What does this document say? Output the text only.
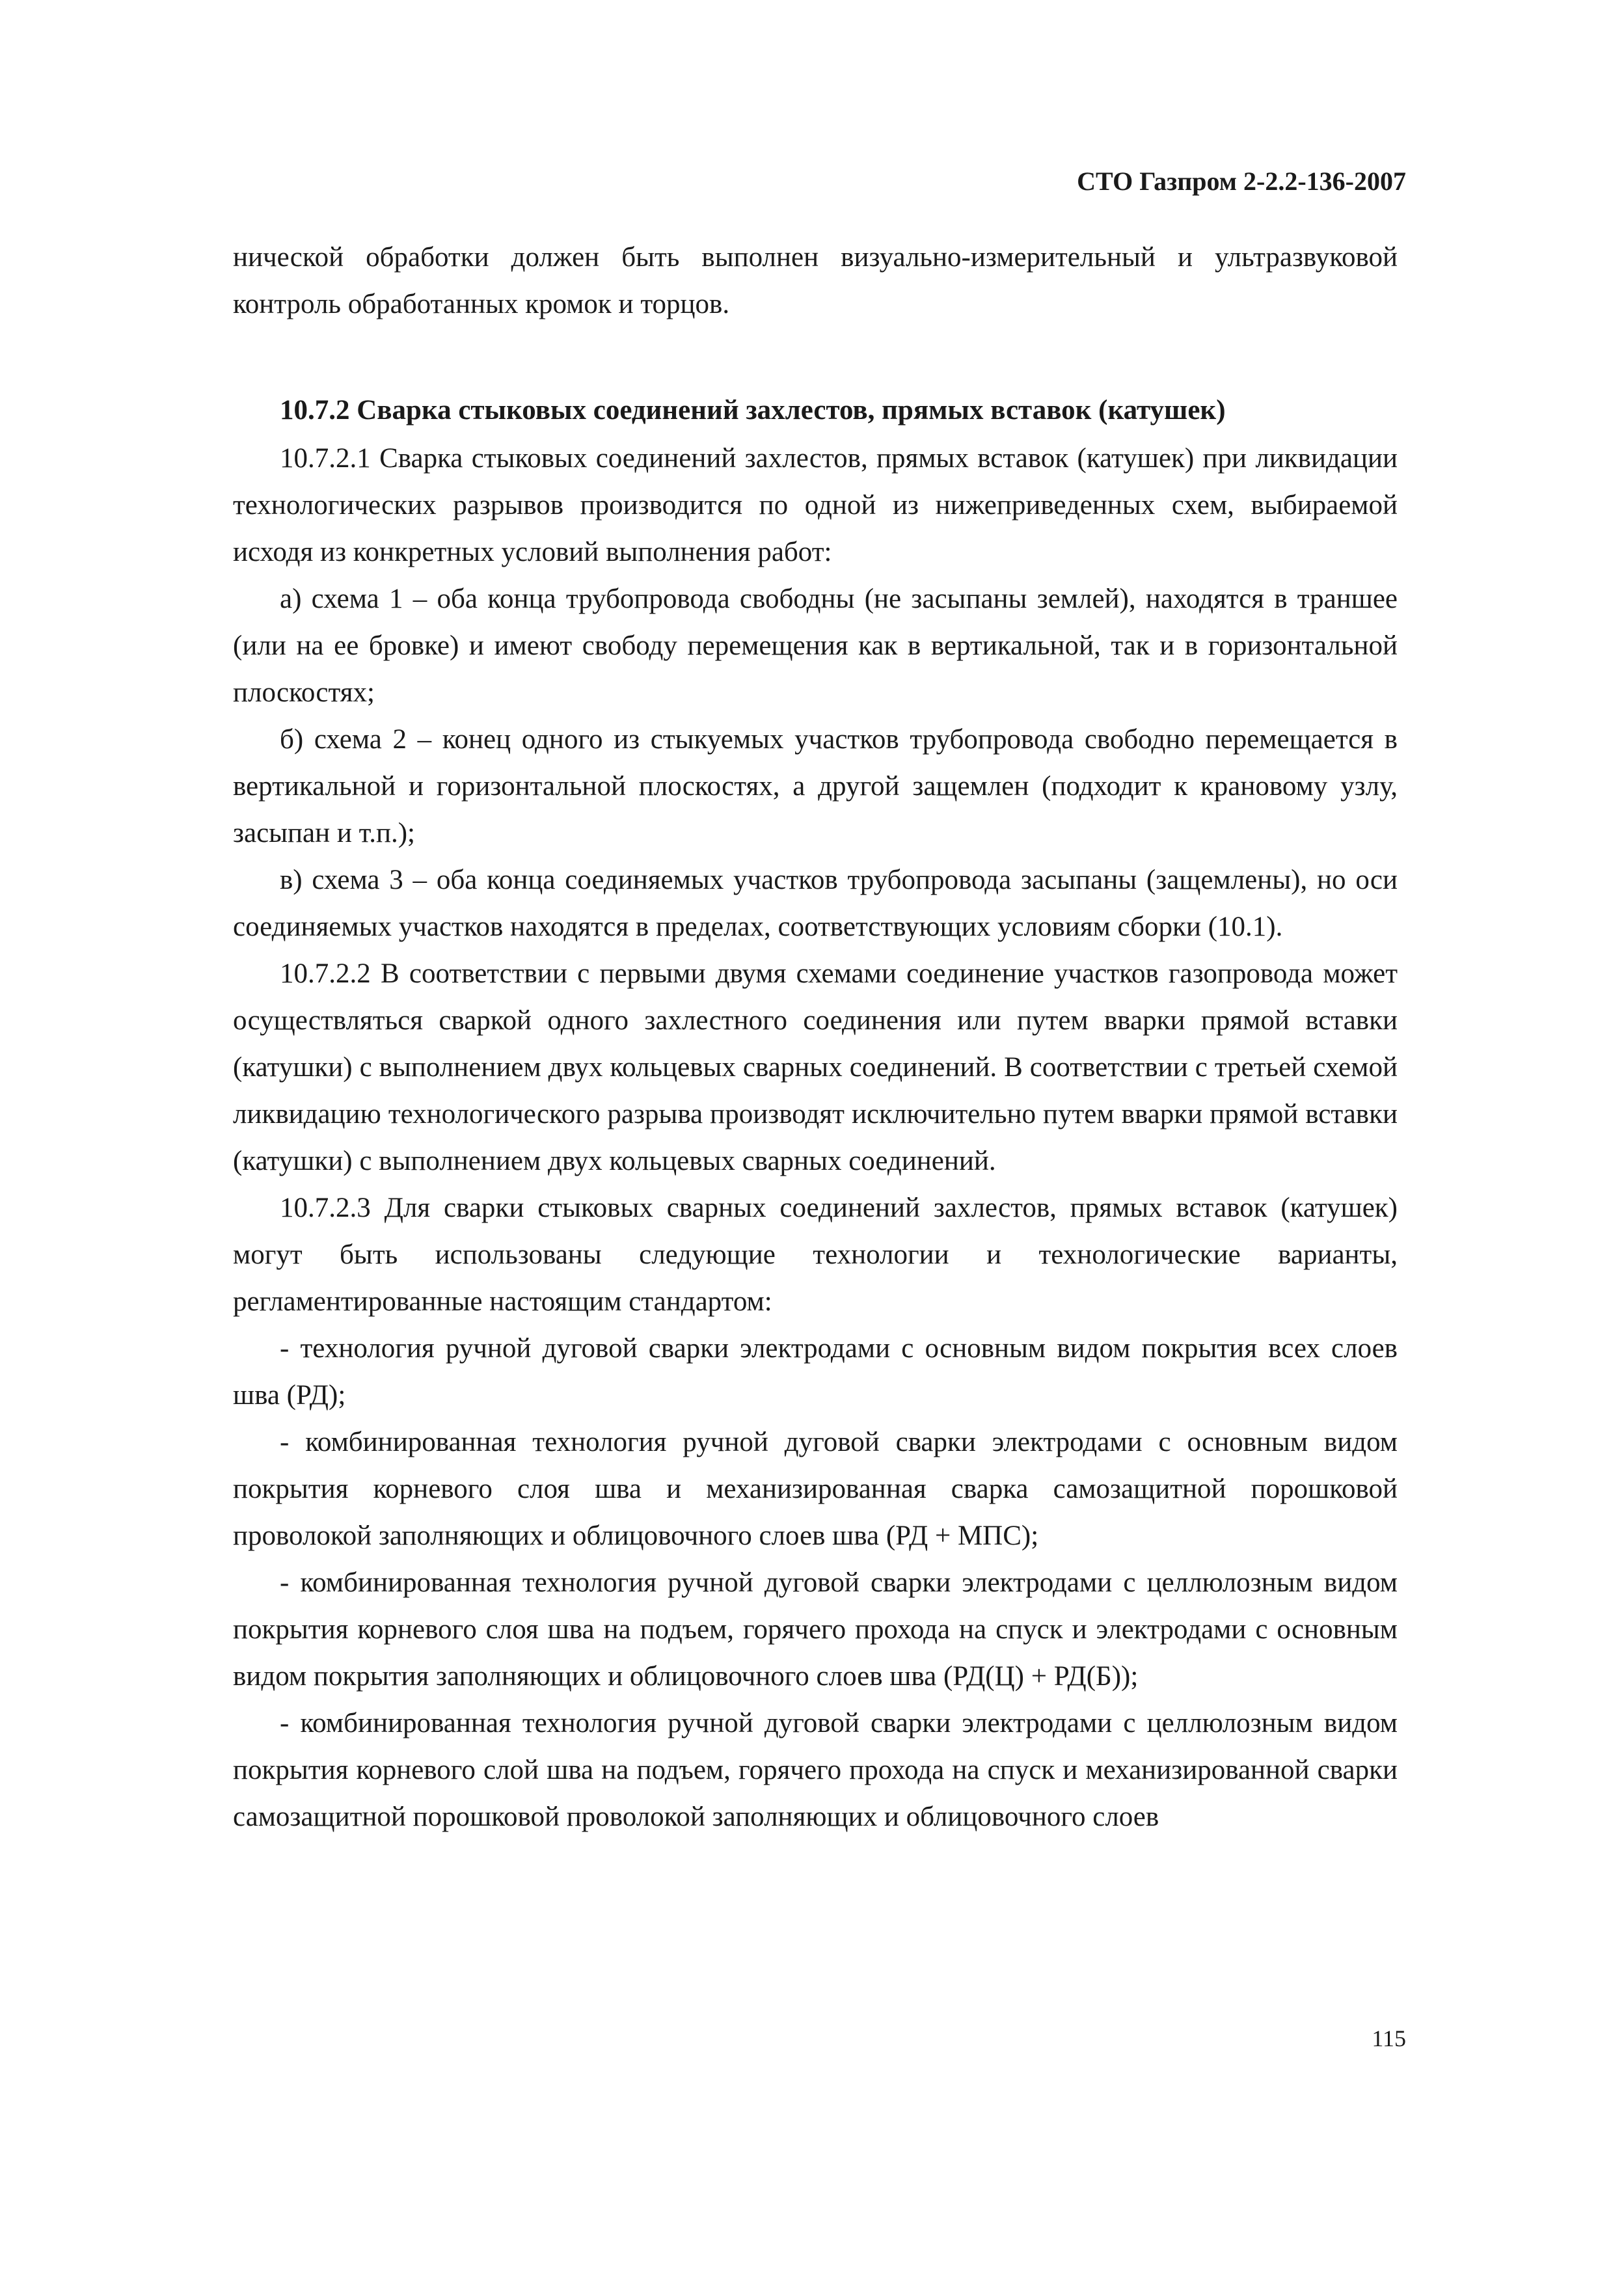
СТО Газпром 2-2.2-136-2007

нической обработки должен быть выполнен визуально-измерительный и ультразвуковой контроль обработанных кромок и торцов.

10.7.2 Сварка стыковых соединений захлестов, прямых вставок (катушек)

10.7.2.1 Сварка стыковых соединений захлестов, прямых вставок (катушек) при ликвидации технологических разрывов производится по одной из нижеприведенных схем, выбираемой исходя из конкретных условий выполнения работ:

а) схема 1 – оба конца трубопровода свободны (не засыпаны землей), находятся в траншее (или на ее бровке) и имеют свободу перемещения как в вертикальной, так и в горизонтальной плоскостях;

б) схема 2 – конец одного из стыкуемых участков трубопровода свободно перемещается в вертикальной и горизонтальной плоскостях, а другой защемлен (подходит к крановому узлу, засыпан и т.п.);

в) схема 3 – оба конца соединяемых участков трубопровода засыпаны (защемлены), но оси соединяемых участков находятся в пределах, соответствующих условиям сборки (10.1).

10.7.2.2 В соответствии с первыми двумя схемами соединение участков газопровода может осуществляться сваркой одного захлестного соединения или путем вварки прямой вставки (катушки) с выполнением двух кольцевых сварных соединений. В соответствии с третьей схемой ликвидацию технологического разрыва производят исключительно путем вварки прямой вставки (катушки) с выполнением двух кольцевых сварных соединений.

10.7.2.3 Для сварки стыковых сварных соединений захлестов, прямых вставок (катушек) могут быть использованы следующие технологии и технологические варианты, регламентированные настоящим стандартом:

- технология ручной дуговой сварки электродами с основным видом покрытия всех слоев шва (РД);

- комбинированная технология ручной дуговой сварки электродами с основным видом покрытия корневого слоя шва и механизированная сварка самозащитной порошковой проволокой заполняющих и облицовочного слоев шва (РД + МПС);

- комбинированная технология ручной дуговой сварки электродами с целлюлозным видом покрытия корневого слоя шва на подъем, горячего прохода на спуск и электродами с основным видом покрытия заполняющих и облицовочного слоев шва (РД(Ц) + РД(Б));

- комбинированная технология ручной дуговой сварки электродами с целлюлозным видом покрытия корневого слой шва на подъем, горячего прохода на спуск и механизированной сварки самозащитной порошковой проволокой заполняющих и облицовочного слоев

115
